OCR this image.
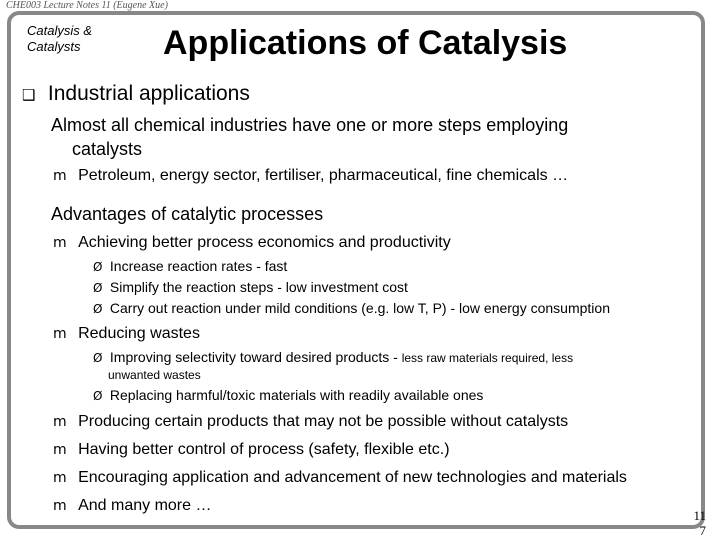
CHE003 Lecture Notes 11 (Eugene Xue)
Catalysis & Catalysts	Applications of Catalysis
❑ Industrial applications
Almost all chemical industries have one or more steps employing
catalysts
m Petroleum, energy sector, fertiliser, pharmaceutical, fine chemicals …
Advantages of catalytic processes
m Achieving better process economics and productivity
Ø Increase reaction rates - fast
Ø Simplify the reaction steps - low investment cost
Ø Carry out reaction under mild conditions (e.g. low T, P) - low energy consumption
m Reducing wastes
Ø Improving selectivity toward desired products - less raw materials required, less
unwanted wastes
Ø Replacing harmful/toxic materials with readily available ones
m Producing certain products that may not be possible without catalysts
m Having better control of process (safety, flexible etc.)
m Encouraging application and advancement of new technologies and materials
m And many more …
11
7
